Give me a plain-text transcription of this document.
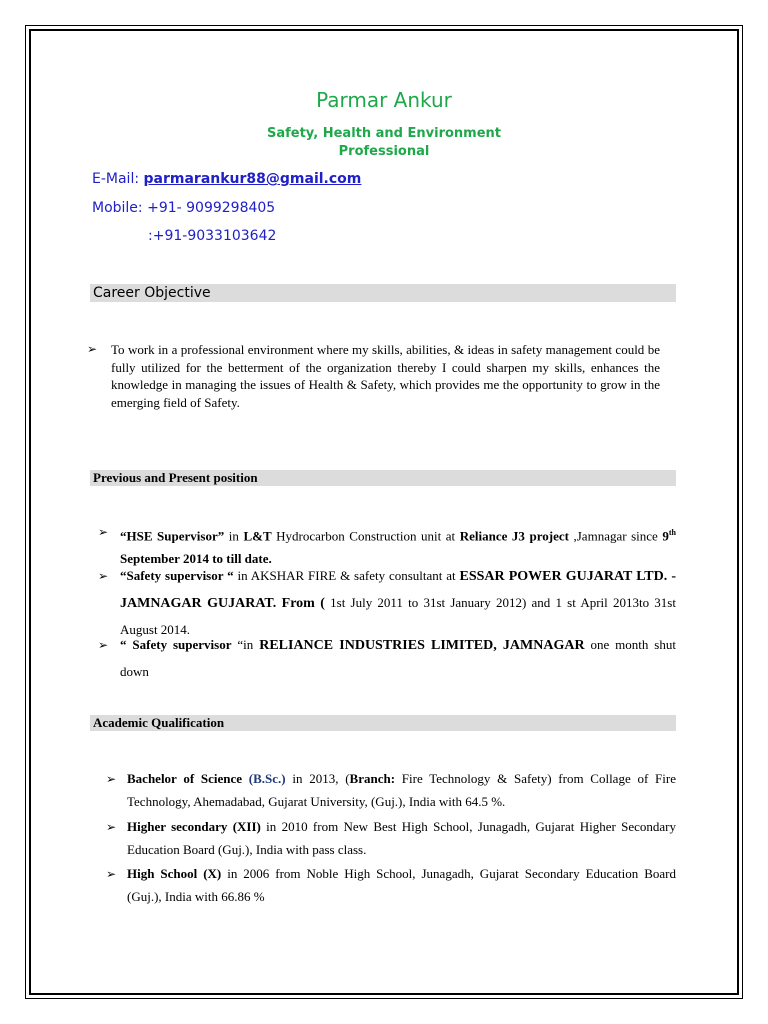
Parmar Ankur
Safety, Health and Environment
Professional
E-Mail: parmarankur88@gmail.com
Mobile: +91- 9099298405
:+91-9033103642
Career Objective
➢ To work in a professional environment where my skills, abilities, & ideas in safety management could be fully utilized for the betterment of the organization thereby I could sharpen my skills, enhances the knowledge in managing the issues of Health & Safety, which provides me the opportunity to grow in the emerging field of Safety.
Previous and Present position
➢ “HSE Supervisor” in L&T Hydrocarbon Construction unit at Reliance J3 project ,Jamnagar since 9th September 2014 to till date.
➢ “Safety supervisor “ in AKSHAR FIRE & safety consultant at ESSAR POWER GUJARAT LTD. - JAMNAGAR GUJARAT. From ( 1st July 2011 to 31st January 2012) and 1 st April 2013to 31st August 2014.
➢ “ Safety supervisor “in RELIANCE INDUSTRIES LIMITED, JAMNAGAR one month shut down
Academic Qualification
➢ Bachelor of Science (B.Sc.) in 2013, (Branch: Fire Technology & Safety) from Collage of Fire Technology, Ahemadabad, Gujarat University, (Guj.), India with 64.5 %.
➢ Higher secondary (XII) in 2010 from New Best High School, Junagadh, Gujarat Higher Secondary Education Board (Guj.), India with pass class.
➢ High School (X) in 2006 from Noble High School, Junagadh, Gujarat Secondary Education Board (Guj.), India with 66.86 %
